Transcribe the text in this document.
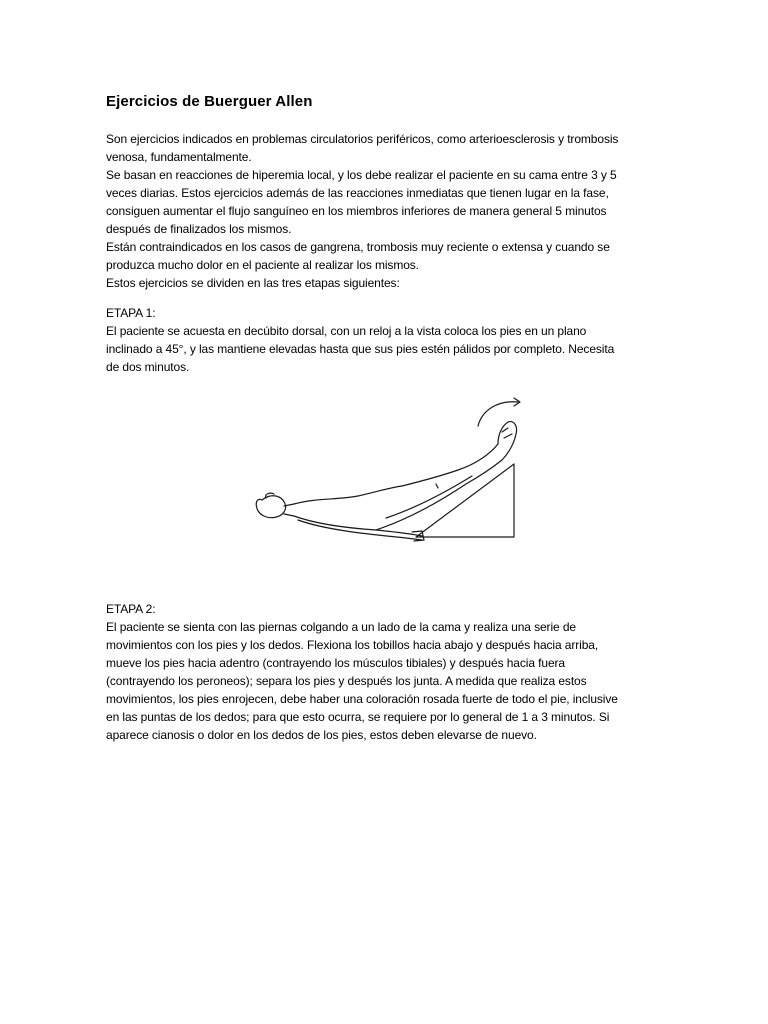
Ejercicios de Buerguer Allen
Son ejercicios indicados en problemas circulatorios periféricos, como arterioesclerosis y trombosis
venosa, fundamentalmente.
Se basan en reacciones de hiperemia local, y los debe realizar el paciente en su cama entre 3 y 5
veces diarias. Estos ejercicios además de las reacciones inmediatas que tienen lugar en la fase,
consiguen aumentar el flujo sanguíneo en los miembros inferiores de manera general 5 minutos
después de finalizados los mismos.
Están contraindicados en los casos de gangrena, trombosis muy reciente o extensa y cuando se
produzca mucho dolor en el paciente al realizar los mismos.
Estos ejercicios se dividen en las tres etapas siguientes:
ETAPA 1:
El paciente se acuesta en decúbito dorsal, con un reloj a la vista coloca los pies en un plano
inclinado a 45°, y las mantiene elevadas hasta que sus pies estén pálidos por completo. Necesita
de dos minutos.
ETAPA 2:
El paciente se sienta con las piernas colgando a un lado de la cama y realiza una serie de
movimientos con los pies y los dedos. Flexiona los tobillos hacia abajo y después hacia arriba,
mueve los pies hacia adentro (contrayendo los músculos tibiales) y después hacia fuera
(contrayendo los peroneos); separa los pies y después los junta. A medida que realiza estos
movimientos, los pies enrojecen, debe haber una coloración rosada fuerte de todo el pie, inclusive
en las puntas de los dedos; para que esto ocurra, se requiere por lo general de 1 a 3 minutos. Si
aparece cianosis o dolor en los dedos de los pies, estos deben elevarse de nuevo.
